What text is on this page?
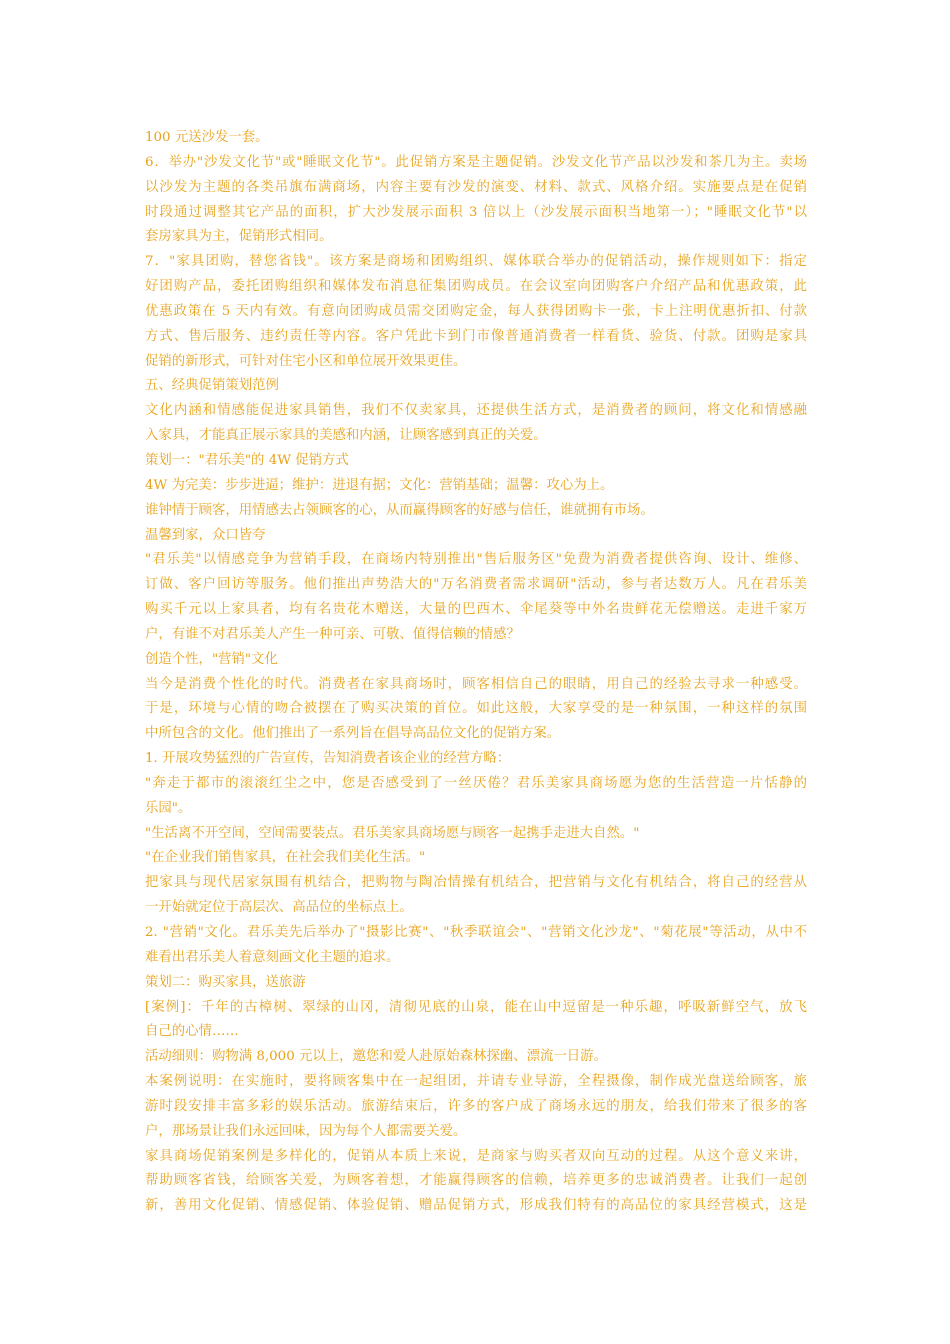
100 元送沙发一套。
6．举办"沙发文化节"或"睡眠文化节"。此促销方案是主题促销。沙发文化节产品以沙发和茶几为主。卖场
以沙发为主题的各类吊旗布满商场，内容主要有沙发的演变、材料、款式、风格介绍。实施要点是在促销
时段通过调整其它产品的面积，扩大沙发展示面积 3 倍以上（沙发展示面积当地第一）；"睡眠文化节"以
套房家具为主，促销形式相同。
7．"家具团购，替您省钱"。该方案是商场和团购组织、媒体联合举办的促销活动，操作规则如下：指定
好团购产品，委托团购组织和媒体发布消息征集团购成员。在会议室向团购客户介绍产品和优惠政策，此
优惠政策在 5 天内有效。有意向团购成员需交团购定金，每人获得团购卡一张，卡上注明优惠折扣、付款
方式、售后服务、违约责任等内容。客户凭此卡到门市像普通消费者一样看货、验货、付款。团购是家具
促销的新形式，可针对住宅小区和单位展开效果更佳。
五、经典促销策划范例
文化内涵和情感能促进家具销售，我们不仅卖家具，还提供生活方式，是消费者的顾问，将文化和情感融
入家具，才能真正展示家具的美感和内涵，让顾客感到真正的关爱。
策划一："君乐美"的 4W 促销方式
4W 为完美：步步进逼；维护：进退有据；文化：营销基础；温馨：攻心为上。
谁钟情于顾客，用情感去占领顾客的心，从而赢得顾客的好感与信任，谁就拥有市场。
温馨到家，众口皆夸
"君乐美"以情感竞争为营销手段，在商场内特别推出"售后服务区"免费为消费者提供咨询、设计、维修、
订做、客户回访等服务。他们推出声势浩大的"万名消费者需求调研"活动，参与者达数万人。凡在君乐美
购买千元以上家具者，均有名贵花木赠送，大量的巴西木、伞尾葵等中外名贵鲜花无偿赠送。走进千家万
户，有谁不对君乐美人产生一种可亲、可敬、值得信赖的情感？
创造个性，"营销"文化
当今是消费个性化的时代。消费者在家具商场时，顾客相信自己的眼睛，用自己的经验去寻求一种感受。
于是，环境与心情的吻合被摆在了购买决策的首位。如此这般，大家享受的是一种氛围，一种这样的氛围
中所包含的文化。他们推出了一系列旨在倡导高品位文化的促销方案。
1. 开展攻势猛烈的广告宣传，告知消费者该企业的经营方略：
"奔走于都市的滚滚红尘之中，您是否感受到了一丝厌倦？君乐美家具商场愿为您的生活营造一片恬静的
乐园"。
"生活离不开空间，空间需要装点。君乐美家具商场愿与顾客一起携手走进大自然。"
"在企业我们销售家具，在社会我们美化生活。"
把家具与现代居家氛围有机结合，把购物与陶冶情操有机结合，把营销与文化有机结合，将自己的经营从
一开始就定位于高层次、高品位的坐标点上。
2. "营销"文化。君乐美先后举办了"摄影比赛"、"秋季联谊会"、"营销文化沙龙"、"菊花展"等活动，从中不
难看出君乐美人着意刻画文化主题的追求。
策划二：购买家具，送旅游
[案例]：千年的古樟树、翠绿的山冈，清彻见底的山泉，能在山中逗留是一种乐趣，呼吸新鲜空气，放飞
自己的心情……
活动细则：购物满 8,000 元以上，邀您和爱人赴原始森林探幽、漂流一日游。
本案例说明：在实施时，要将顾客集中在一起组团，并请专业导游，全程摄像，制作成光盘送给顾客，旅
游时段安排丰富多彩的娱乐活动。旅游结束后，许多的客户成了商场永远的朋友，给我们带来了很多的客
户，那场景让我们永远回味，因为每个人都需要关爱。
家具商场促销案例是多样化的，促销从本质上来说，是商家与购买者双向互动的过程。从这个意义来讲，
帮助顾客省钱，给顾客关爱，为顾客着想，才能赢得顾客的信赖，培养更多的忠诚消费者。让我们一起创
新，善用文化促销、情感促销、体验促销、赠品促销方式，形成我们特有的高品位的家具经营模式，这是
